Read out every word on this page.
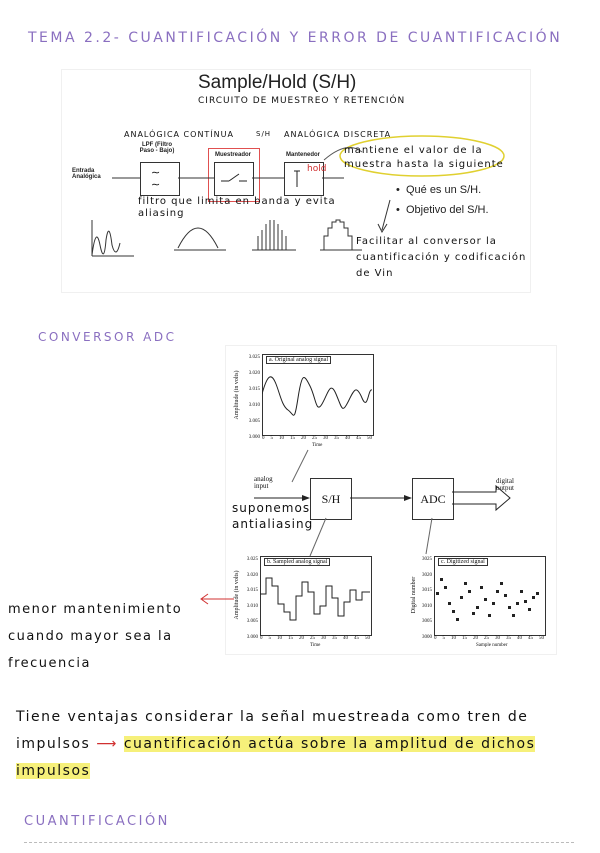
TEMA 2.2- CUANTIFICACIÓN Y ERROR DE CUANTIFICACIÓN
Sample/Hold (S/H)
CIRCUITO DE MUESTREO Y RETENCIÓN
ANALÓGICA CONTÍNUA	S/H ANALÓGICA DISCRETA
Entrada Analógica
LPF (Filtro Paso - Bajo)
∼
∼
Muestreador	Mantenedor
hold
mantiene el valor de la muestra hasta la siguiente
filtro que limita en banda y evita aliasing
•  Qué es un S/H.
•  Objetivo del S/H.
Facilitar al conversor la cuantificación y codificación de Vin
CONVERSOR ADC
Amplitude (in volts)
a. Original analog signal
3.025
3.020
3.015
3.010
3.005
3.000 0 5 10 15 20 25 30 35 40 45 50
Time
analog input
S/H	ADC
digital output
Amplitude (in volts)
b. Sampled analog signal
3.025
3.020
3.015
3.010
3.005
3.000 0 5 10 15 20 25 30 35 40 45 50
Time
Digital number
c. Digitized signal
3025
3020
3015
3010
3005
3000 0 5 10 15 20 25 30 35 40 45 50
Sample number
suponemos antialiasing
menor mantenimiento cuando mayor sea la frecuencia
Tiene ventajas considerar la señal muestreada como tren de impulsos ⟶ cuantificación actúa sobre la amplitud de dichos impulsos
CUANTIFICACIÓN
